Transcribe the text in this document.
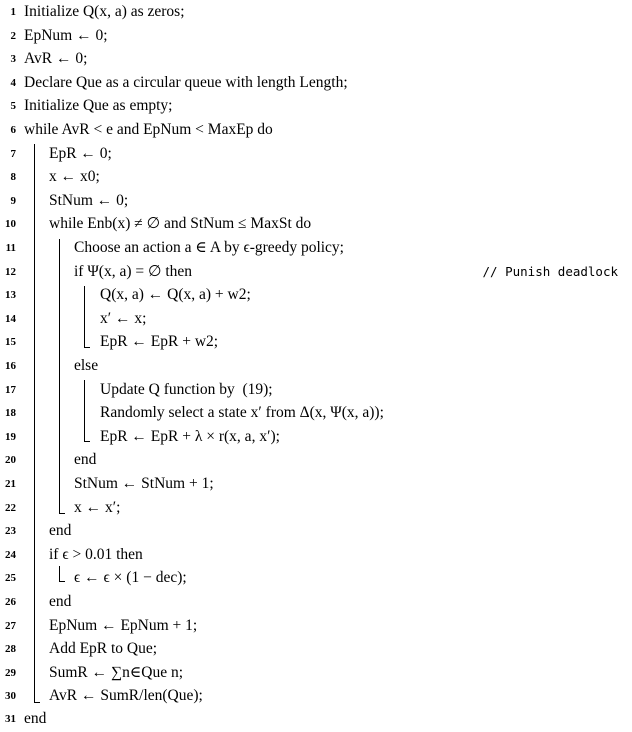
1 Initialize Q(x, a) as zeros;
2 EpNum ← 0;
3 AvR ← 0;
4 Declare Que as a circular queue with length Length;
5 Initialize Que as empty;
6 while AvR < e and EpNum < MaxEp do
7 EpR ← 0;
8 x ← x0;
9 StNum ← 0;
10 while Enb(x) ≠ ∅ and StNum ≤ MaxSt do
11	Choose an action a ∈ A by ϵ-greedy policy;
12	if Ψ(x, a) = ∅ then	// Punish deadlock
13	Q(x, a) ← Q(x, a) + w2;
14	x′ ← x;
15	EpR ← EpR + w2;
16	else
17	Update Q function by  (19);
18	Randomly select a state x′ from Δ(x, Ψ(x, a));
19	EpR ← EpR + λ × r(x, a, x′);
20	end
21	StNum ← StNum + 1;
22	x ← x′;
23 end
24 if ϵ > 0.01 then
25	ϵ ← ϵ × (1 − dec);
26 end
27 EpNum ← EpNum + 1;
28 Add EpR to Que;
29 SumR ← ∑n∈Que n;
30 AvR ← SumR/len(Que);
31 end
